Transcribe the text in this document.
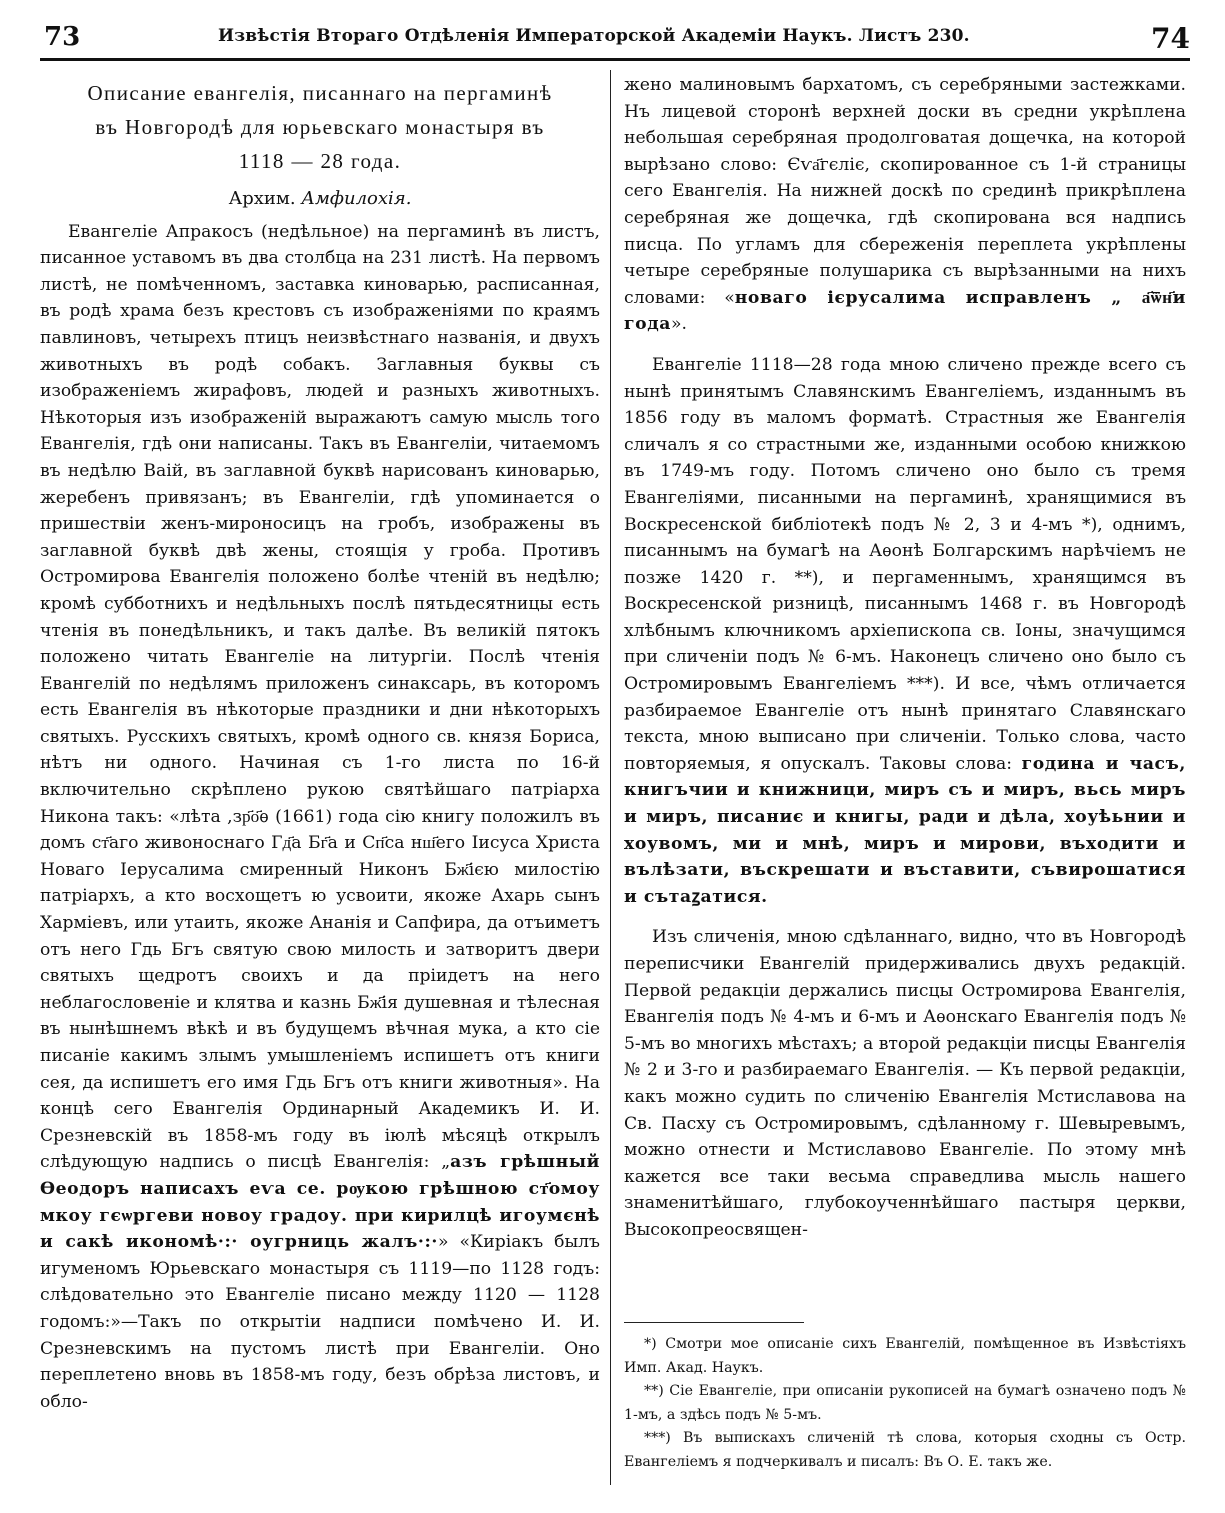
73	Извѣстія Втораго Отдѣленія Императорской Академіи Наукъ. Листъ 230.	74
Описание евангелія, писаннаго на пергаминѣ
въ Новгородѣ для юрьевскаго монастыря въ
1118 — 28 года.
Архим. Амфилохія.

Евангеліе Апракосъ (недѣльное) на пергаминѣ въ листъ, писанное уставомъ въ два столбца на 231 листѣ. На первомъ листѣ, не помѣченномъ, заставка киноварью, расписанная, въ родѣ храма безъ крестовъ съ изображеніями по краямъ павлиновъ, четырехъ птицъ неизвѣстнаго названія, и двухъ животныхъ въ родѣ собакъ. Заглавныя буквы съ изображеніемъ жирафовъ, людей и разныхъ животныхъ. Нѣкоторыя изъ изображеній выражаютъ самую мысль того Евангелія, гдѣ они написаны. Такъ въ Евангеліи, читаемомъ въ недѣлю Ваій, въ заглавной буквѣ нарисованъ киноварью, жеребенъ привязанъ; въ Евангеліи, гдѣ упоминается о пришествіи женъ-мироносицъ на гробъ, изображены въ заглавной буквѣ двѣ жены, стоящія у гроба. Противъ Остромирова Евангелія положено болѣе чтеній въ недѣлю; кромѣ субботнихъ и недѣльныхъ послѣ пятьдесятницы есть чтенія въ понедѣльникъ, и такъ далѣе. Въ великій пятокъ положено читать Евангеліе на литургіи. Послѣ чтенія Евангелій по недѣлямъ приложенъ синаксарь, въ которомъ есть Евангелія въ нѣкоторые праздники и дни нѣкоторыхъ святыхъ. Русскихъ святыхъ, кромѣ одного св. князя Бориса, нѣтъ ни одного. Начиная съ 1-го листа по 16-й включительно скрѣплено рукою святѣйшаго патріарха Никона такъ: «лѣта ,зр҃о҃ѳ (1661) года сію книгу положилъ въ домъ ст҃аго живоноснаго Гд҃а Бг҃а и Сп҃са нш҃его Іисуса Христа Новаго Іерусалима смиренный Никонъ Бж҃ією милостію патріархъ, а кто восхощетъ ю усвоити, якоже Ахарь сынъ Харміевъ, или утаить, якоже Ананія и Сапфира, да отъиметъ отъ него Гдь Бгъ святую свою милость и затворитъ двери святыхъ щедротъ своихъ и да пріидетъ на него неблагословеніе и клятва и казнь Бж҃ія душевная и тѣлесная въ нынѣшнемъ вѣкѣ и въ будущемъ вѣчная мука, а кто сіе писаніе какимъ злымъ умышленіемъ испишетъ отъ книги сея, да испишетъ его имя Гдь Бгъ отъ книги животныя». На концѣ сего Евангелія Ординарный Академикъ И. И. Срезневскій въ 1858-мъ году въ іюлѣ мѣсяцѣ открылъ слѣдующую надпись о писцѣ Евангелія: „азъ грѣшный Ѳеодоръ написахъ еѵа се. рѹкою грѣшною ст҃омоу мкоу гєѡргеви новоу градоу. при кирилцѣ игоумєнѣ и сакѣ икономѣ·:· оугрниць жалъ·:·» «Киріакъ былъ игуменомъ Юрьевскаго монастыря съ 1119—по 1128 годъ: слѣдовательно это Евангеліе писано между 1120 — 1128 годомъ:»—Такъ по открытіи надписи помѣчено И. И. Срезневскимъ на пустомъ листѣ при Евангеліи. Оно переплетено вновь въ 1858-мъ году, безъ обрѣза листовъ, и обло-

жено малиновымъ бархатомъ, съ серебряными застежками. Нъ лицевой сторонѣ верхней доски въ средни укрѣплена небольшая серебряная продолговатая дощечка, на которой вырѣзано слово: Єѵа҃гєліє, скопированное съ 1-й страницы сего Евангелія. На нижней доскѣ по срединѣ прикрѣплена серебряная же дощечка, гдѣ скопирована вся надпись писца. По угламъ для сбереженія переплета укрѣплены четыре серебряные полушарика съ вырѣзанными на нихъ словами: «новаго ієрусалима исправленъ „ а҃ѿн҃и года».

Евангеліе 1118—28 года мною сличено прежде всего съ нынѣ принятымъ Славянскимъ Евангеліемъ, изданнымъ въ 1856 году въ маломъ форматѣ. Страстныя же Евангелія сличалъ я со страстными же, изданными особою книжкою въ 1749-мъ году. Потомъ сличено оно было съ тремя Евангеліями, писанными на пергаминѣ, хранящимися въ Воскресенской библіотекѣ подъ № 2, 3 и 4-мъ *), однимъ, писаннымъ на бумагѣ на Аѳонѣ Болгарскимъ нарѣчіемъ не позже 1420 г. **), и пергаменнымъ, хранящимся въ Воскресенской ризницѣ, писаннымъ 1468 г. въ Новгородѣ хлѣбнымъ ключникомъ архіепископа св. Іоны, значущимся при сличеніи подъ № 6-мъ. Наконецъ сличено оно было съ Остромировымъ Евангеліемъ ***). И все, чѣмъ отличается разбираемое Евангеліе отъ нынѣ принятаго Славянскаго текста, мною выписано при сличеніи. Только слова, часто повторяемыя, я опускалъ. Таковы слова: годинa и часъ, книгъчии и книжници, миръ съ и миръ, вьсь миръ и миръ, писаниє и книгы, ради и дѣла, хоуѣьнии и хоувомъ, ми и мнѣ, миръ и мирови, въходити и вълѣзати, въскрешати и въставити, съвирошатися и сътаꙁатися.

Изъ сличенія, мною сдѣланнаго, видно, что въ Новгородѣ переписчики Евангелій придерживались двухъ редакцій. Первой редакціи держались писцы Остромирова Евангелія, Евангелія подъ № 4-мъ и 6-мъ и Аѳонскаго Евангелія подъ № 5-мъ во многихъ мѣстахъ; а второй редакціи писцы Евангелія № 2 и 3-го и разбираемаго Евангелія. — Къ первой редакціи, какъ можно судить по сличенію Евангелія Мстиславова на Св. Пасху съ Остромировымъ, сдѣланному г. Шевыревымъ, можно отнести и Мстиславово Евангеліе. По этому мнѣ кажется все таки весьма справедлива мысль нашего знаменитѣйшаго, глубокоученнѣйшаго пастыря церкви, Высокопреосвящен-

*) Смотри мое описаніе сихъ Евангелій, помѣщенное въ Извѣстіяхъ Имп. Акад. Наукъ.

**) Сіе Евангеліе, при описаніи рукописей на бумагѣ означено подъ № 1-мъ, а здѣсь подъ № 5-мъ.

***) Въ выпискахъ сличеній тѣ слова, которыя сходны съ Остр. Евангеліемъ я подчеркивалъ и писалъ: Въ О. Е. такъ же.
